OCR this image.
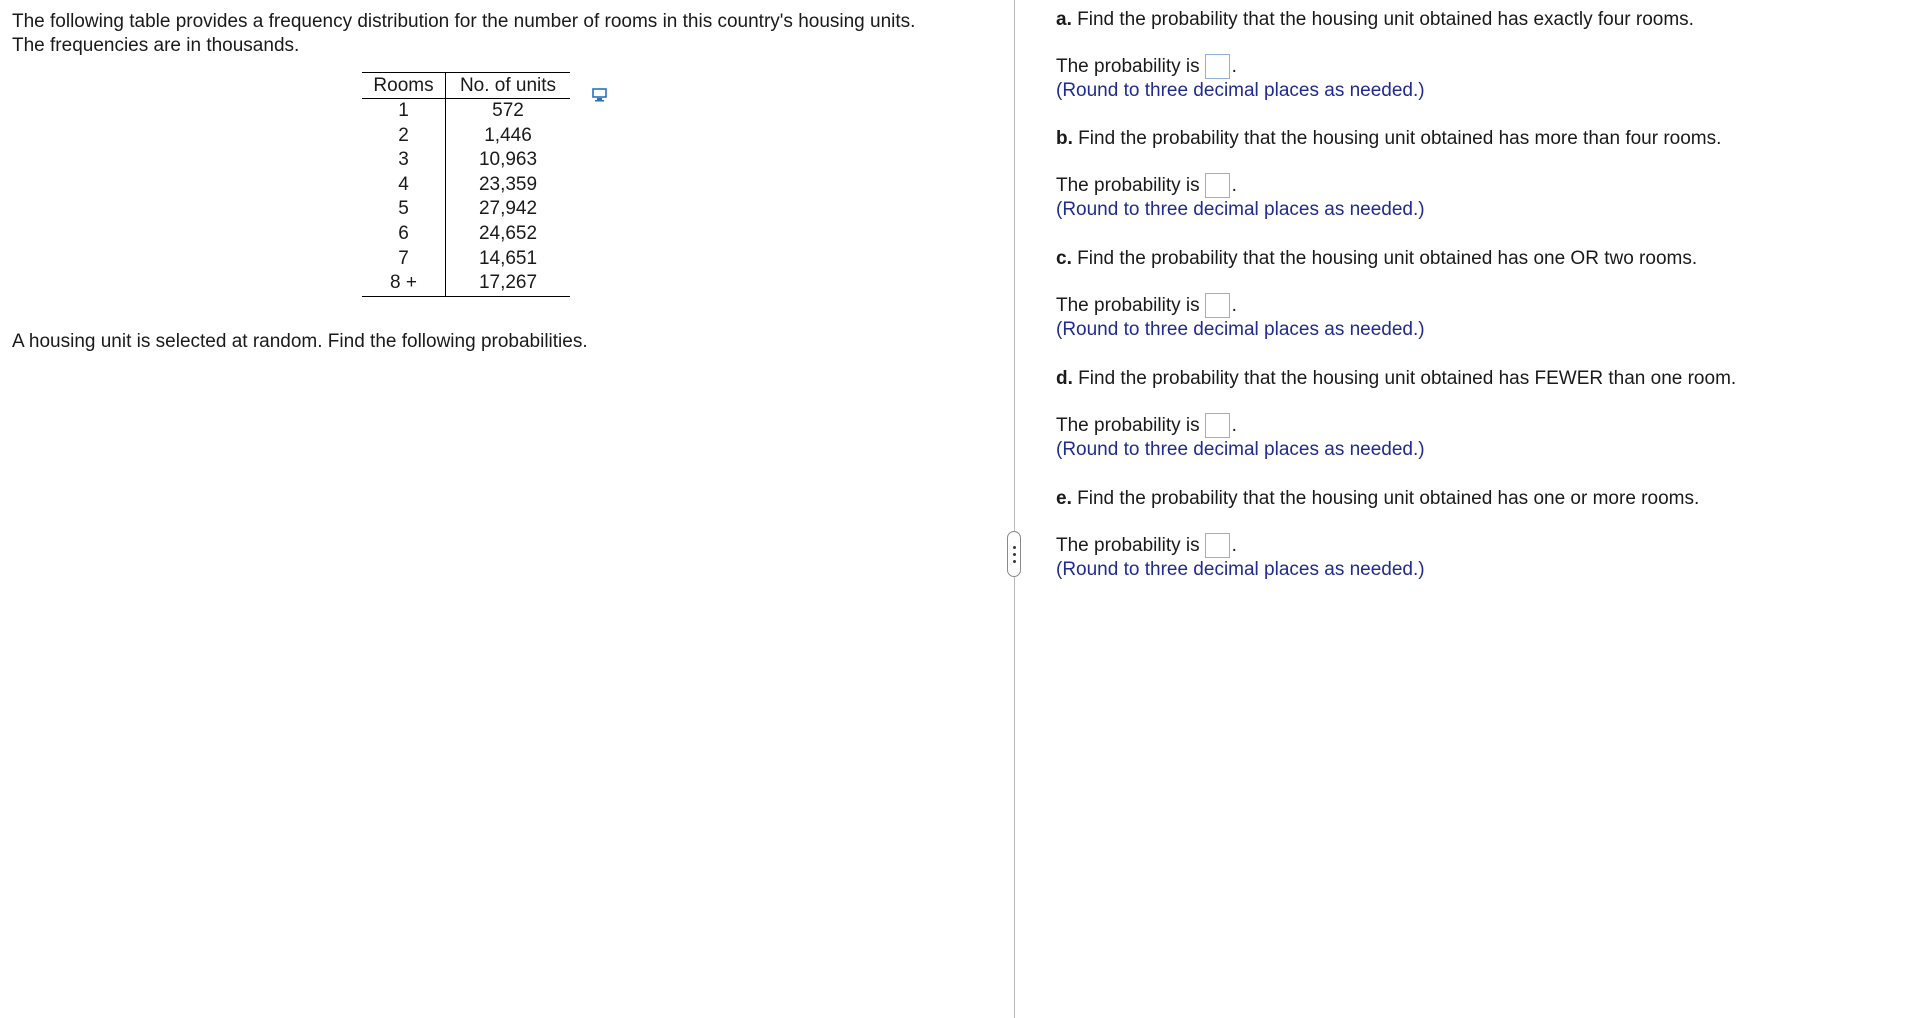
The following table provides a frequency distribution for the number of rooms in this country's housing units.
The frequencies are in thousands.

Rooms	No. of units
1	572
2	1,446
3	10,963
4	23,359
5	27,942
6	24,652
7	14,651
8 +	17,267

A housing unit is selected at random. Find the following probabilities.

a. Find the probability that the housing unit obtained has exactly four rooms.

The probability is .

(Round to three decimal places as needed.)

b. Find the probability that the housing unit obtained has more than four rooms.

The probability is .

(Round to three decimal places as needed.)

c. Find the probability that the housing unit obtained has one OR two rooms.

The probability is .

(Round to three decimal places as needed.)

d. Find the probability that the housing unit obtained has FEWER than one room.

The probability is .

(Round to three decimal places as needed.)

e. Find the probability that the housing unit obtained has one or more rooms.

The probability is .

(Round to three decimal places as needed.)
